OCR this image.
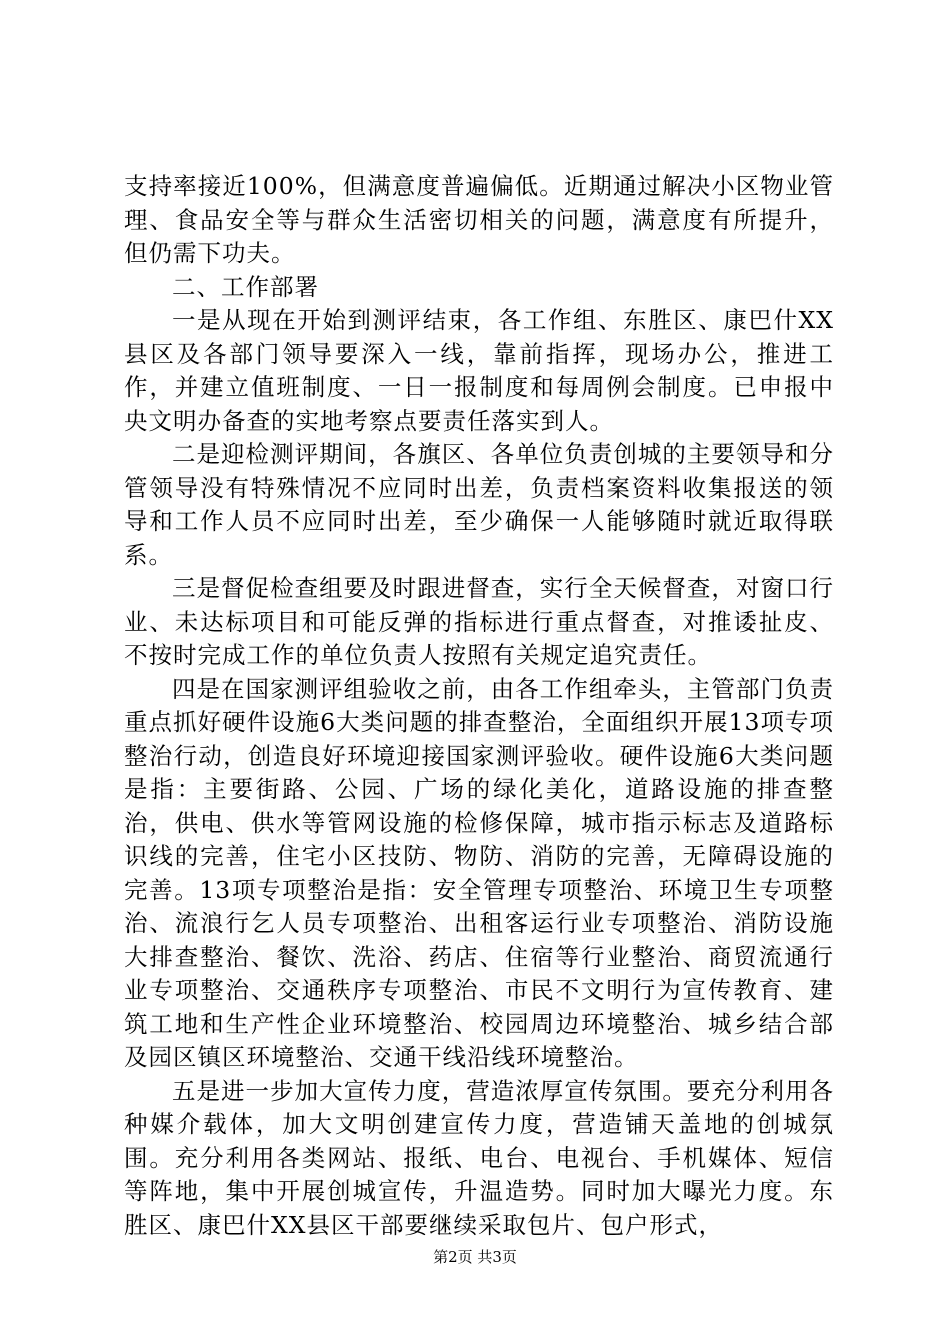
支持率接近100%，但满意度普遍偏低。近期通过解决小区物业管理、食品安全等与群众生活密切相关的问题，满意度有所提升，但仍需下功夫。

二、工作部署

一是从现在开始到测评结束，各工作组、东胜区、康巴什XX县区及各部门领导要深入一线，靠前指挥，现场办公，推进工作，并建立值班制度、一日一报制度和每周例会制度。已申报中央文明办备查的实地考察点要责任落实到人。

二是迎检测评期间，各旗区、各单位负责创城的主要领导和分管领导没有特殊情况不应同时出差，负责档案资料收集报送的领导和工作人员不应同时出差，至少确保一人能够随时就近取得联系。

三是督促检查组要及时跟进督查，实行全天候督查，对窗口行业、未达标项目和可能反弹的指标进行重点督查，对推诿扯皮、不按时完成工作的单位负责人按照有关规定追究责任。

四是在国家测评组验收之前，由各工作组牵头，主管部门负责重点抓好硬件设施6大类问题的排查整治，全面组织开展13项专项整治行动，创造良好环境迎接国家测评验收。硬件设施6大类问题是指：主要街路、公园、广场的绿化美化，道路设施的排查整治，供电、供水等管网设施的检修保障，城市指示标志及道路标识线的完善，住宅小区技防、物防、消防的完善，无障碍设施的完善。13项专项整治是指：安全管理专项整治、环境卫生专项整治、流浪行乞人员专项整治、出租客运行业专项整治、消防设施大排查整治、餐饮、洗浴、药店、住宿等行业整治、商贸流通行业专项整治、交通秩序专项整治、市民不文明行为宣传教育、建筑工地和生产性企业环境整治、校园周边环境整治、城乡结合部及园区镇区环境整治、交通干线沿线环境整治。

五是进一步加大宣传力度，营造浓厚宣传氛围。要充分利用各种媒介载体，加大文明创建宣传力度，营造铺天盖地的创城氛围。充分利用各类网站、报纸、电台、电视台、手机媒体、短信等阵地，集中开展创城宣传，升温造势。同时加大曝光力度。东胜区、康巴什XX县区干部要继续采取包片、包户形式，

第2页 共3页
